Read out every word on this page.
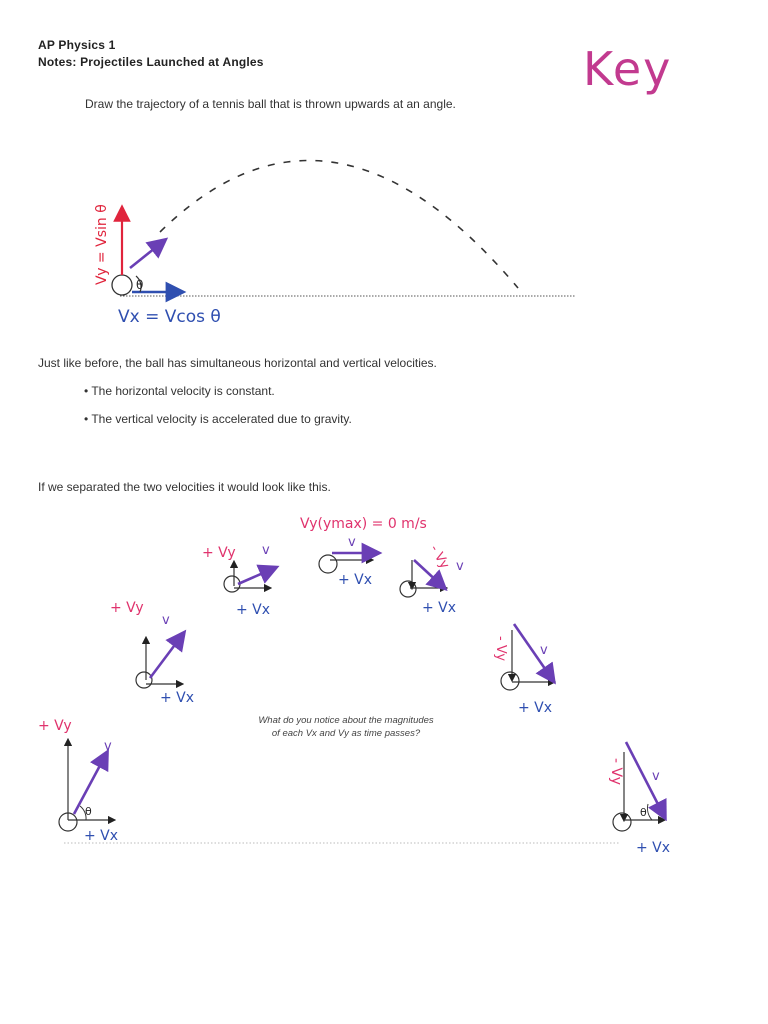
AP Physics 1
Notes: Projectiles Launched at Angles	Key
Draw the trajectory of a tennis ball that is thrown upwards at an angle.
θ
Vy = Vsin θ
Vx = Vcos θ
Vy(ymax) = 0 m/s
θ
+ Vy
+ Vx
v
+ Vy
+ Vx
v
+ Vy
+ Vx
v
+ Vx
v	- Vy
+ Vx
v
- Vy
+ Vx
v
θ
- Vy
+ Vx
v
Just like before, the ball has simultaneous horizontal and vertical velocities.
• The horizontal velocity is constant.
• The vertical velocity is accelerated due to gravity.
If we separated the two velocities it would look like this.
What do you notice about the magnitudes
of each Vx and Vy as time passes?
